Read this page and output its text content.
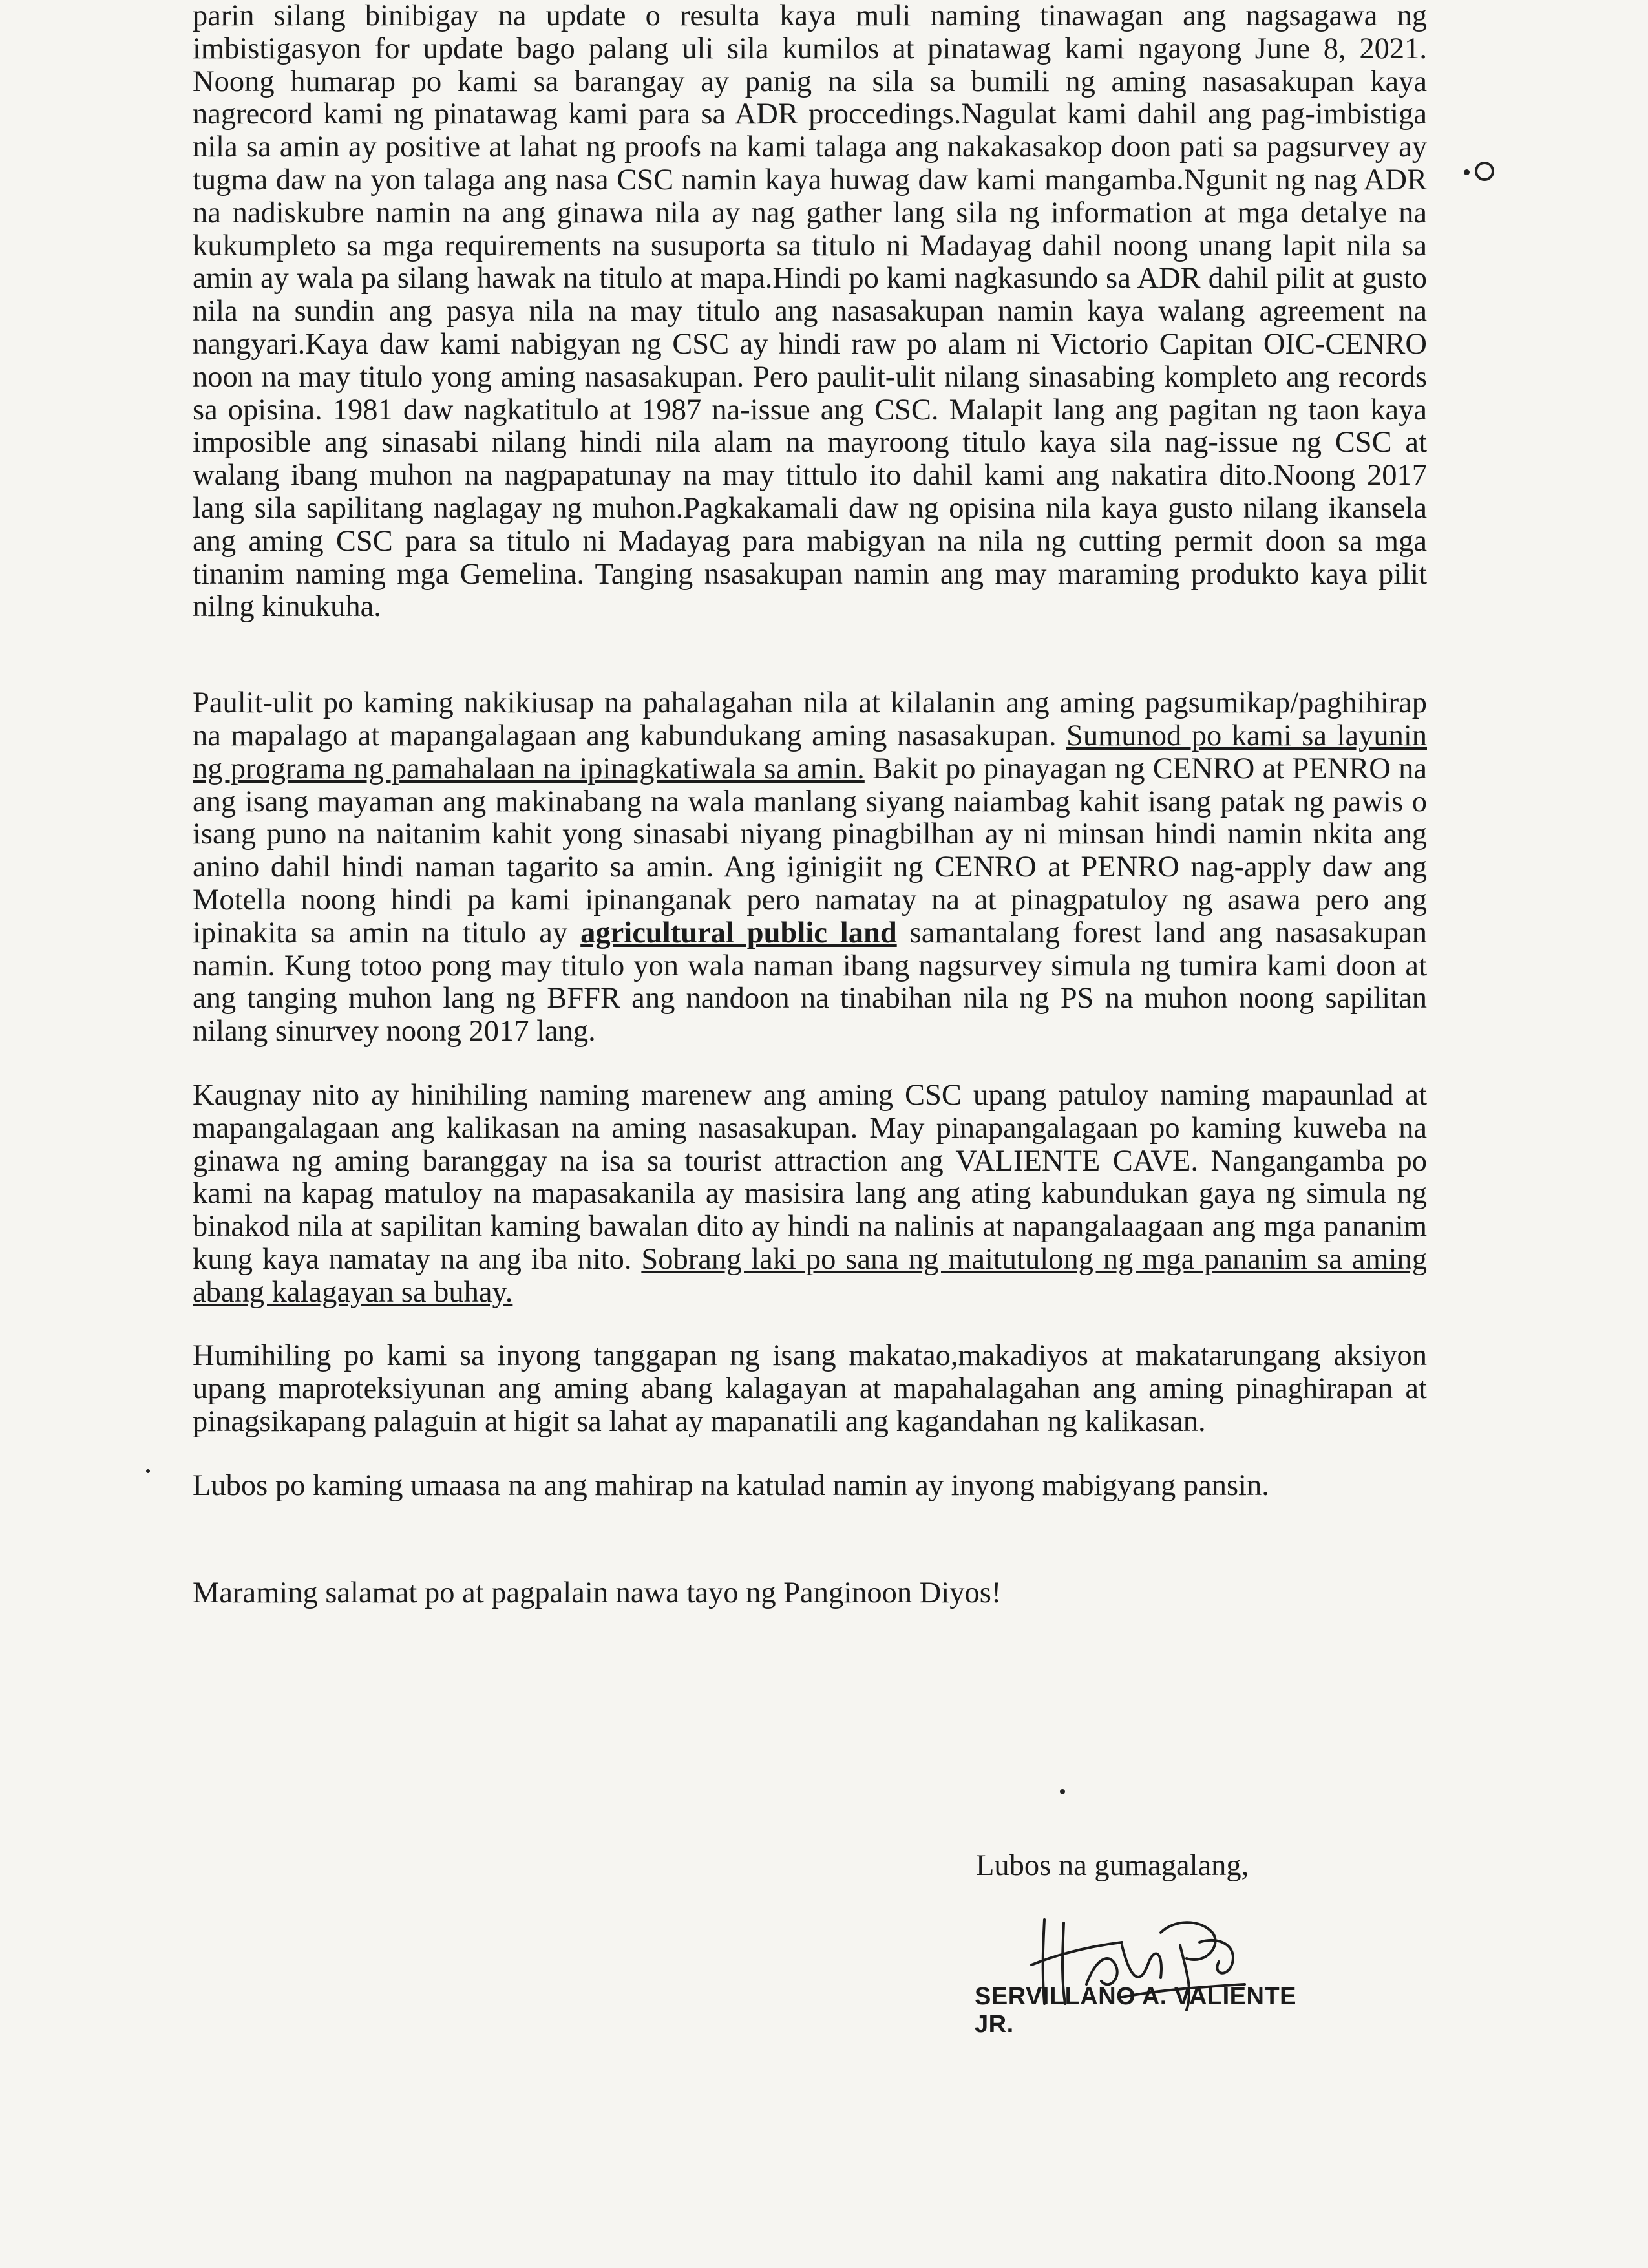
parin silang binibigay na update o resulta kaya muli naming tinawagan ang nagsagawa ng imbistigasyon for update bago palang uli sila kumilos at pinatawag kami ngayong June 8, 2021. Noong humarap po kami sa barangay ay panig na sila sa bumili ng aming nasasakupan kaya nagrecord kami ng pinatawag kami para sa ADR proccedings.Nagulat kami dahil ang pag-imbistiga nila sa amin ay positive at lahat ng proofs na kami talaga ang nakakasakop doon pati sa pagsurvey ay tugma daw na yon talaga ang nasa CSC namin kaya huwag daw kami mangamba.Ngunit ng nag ADR na nadiskubre namin na ang ginawa nila ay nag gather lang sila ng information at mga detalye na kukumpleto sa mga requirements na susuporta sa titulo ni Madayag dahil noong unang lapit nila sa amin ay wala pa silang hawak na titulo at mapa.Hindi po kami nagkasundo sa ADR dahil pilit at gusto nila na sundin ang pasya nila na may titulo ang nasasakupan namin kaya walang agreement na nangyari.Kaya daw kami nabigyan ng CSC ay hindi raw po alam ni Victorio Capitan OIC-CENRO noon na may titulo yong aming nasasakupan. Pero paulit-ulit nilang sinasabing kompleto ang records sa opisina. 1981 daw nagkatitulo at 1987 na-issue ang CSC. Malapit lang ang pagitan ng taon kaya imposible ang sinasabi nilang hindi nila alam na mayroong titulo kaya sila nag-issue ng CSC at walang ibang muhon na nagpapatunay na may tittulo ito dahil kami ang nakatira dito.Noong 2017 lang sila sapilitang naglagay ng muhon.Pagkakamali daw ng opisina nila kaya gusto nilang ikansela ang aming CSC para sa titulo ni Madayag para mabigyan na nila ng cutting permit doon sa mga tinanim naming mga Gemelina. Tanging nsasakupan namin ang may maraming produkto kaya pilit nilng kinukuha.

Paulit-ulit po kaming nakikiusap na pahalagahan nila at kilalanin ang aming pagsumikap/paghihirap na mapalago at mapangalagaan ang kabundukang aming nasasakupan. Sumunod po kami sa layunin ng programa ng pamahalaan na ipinagkatiwala sa amin. Bakit po pinayagan ng CENRO at PENRO na ang isang mayaman ang makinabang na wala manlang siyang naiambag kahit isang patak ng pawis o isang puno na naitanim kahit yong sinasabi niyang pinagbilhan ay ni minsan hindi namin nkita ang anino dahil hindi naman tagarito sa amin. Ang iginigiit ng CENRO at PENRO nag-apply daw ang Motella noong hindi pa kami ipinanganak pero namatay na at pinagpatuloy ng asawa pero ang ipinakita sa amin na titulo ay agricultural public land samantalang forest land ang nasasakupan namin. Kung totoo pong may titulo yon wala naman ibang nagsurvey simula ng tumira kami doon at ang tanging muhon lang ng BFFR ang nandoon na tinabihan nila ng PS na muhon noong sapilitan nilang sinurvey noong 2017 lang.

Kaugnay nito ay hinihiling naming marenew ang aming CSC upang patuloy naming mapaunlad at mapangalagaan ang kalikasan na aming nasasakupan. May pinapangalagaan po kaming kuweba na ginawa ng aming baranggay na isa sa tourist attraction ang VALIENTE CAVE. Nangangamba po kami na kapag matuloy na mapasakanila ay masisira lang ang ating kabundukan gaya ng simula ng binakod nila at sapilitan kaming bawalan dito ay hindi na nalinis at napangalaagaan ang mga pananim kung kaya namatay na ang iba nito. Sobrang laki po sana ng maitutulong ng mga pananim sa aming abang kalagayan sa buhay.

Humihiling po kami sa inyong tanggapan ng isang makatao,makadiyos at makatarungang aksiyon upang maproteksiyunan ang aming abang kalagayan at mapahalagahan ang aming pinaghirapan at pinagsikapang palaguin at higit sa lahat ay mapanatili ang kagandahan ng kalikasan.

Lubos po kaming umaasa na ang mahirap na katulad namin ay inyong mabigyang pansin.

Maraming salamat po at pagpalain nawa tayo ng Panginoon Diyos!

Lubos na gumagalang,
SERVILLANO A. VALIENTE JR.
